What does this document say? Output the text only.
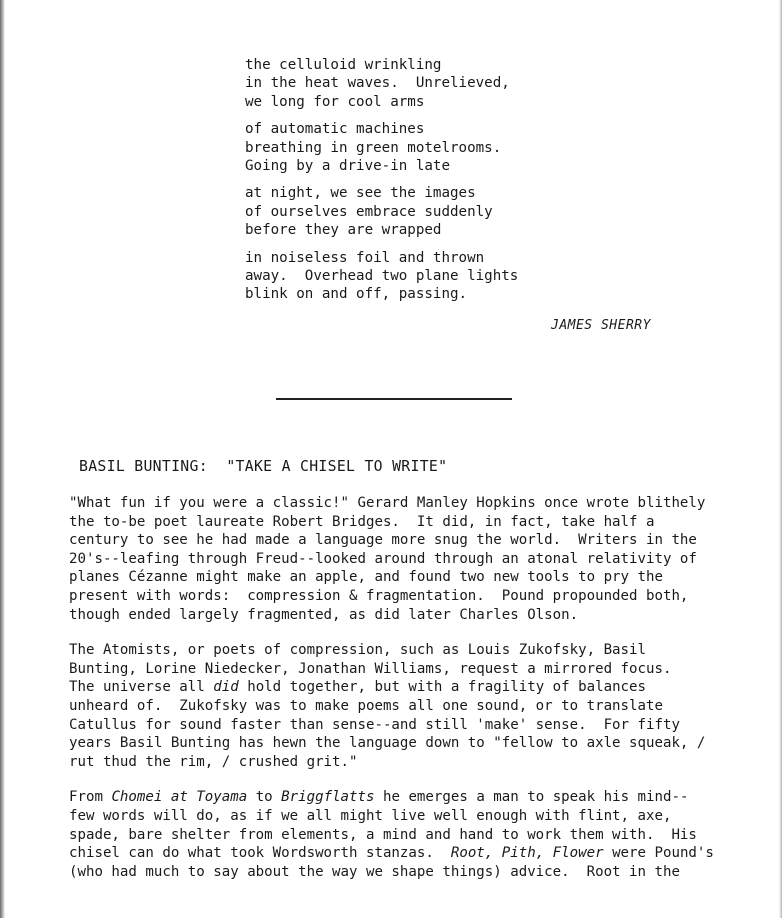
the celluloid wrinkling
in the heat waves.  Unrelieved,
we long for cool arms
of automatic machines
breathing in green motelrooms.
Going by a drive-in late
at night, we see the images
of ourselves embrace suddenly
before they are wrapped
in noiseless foil and thrown
away.  Overhead two plane lights
blink on and off, passing.
JAMES SHERRY
BASIL BUNTING:  "TAKE A CHISEL TO WRITE"
"What fun if you were a classic!" Gerard Manley Hopkins once wrote blithely
the to-be poet laureate Robert Bridges.  It did, in fact, take half a
century to see he had made a language more snug the world.  Writers in the
20's--leafing through Freud--looked around through an atonal relativity of
planes Cézanne might make an apple, and found two new tools to pry the
present with words:  compression & fragmentation.  Pound propounded both,
though ended largely fragmented, as did later Charles Olson.
The Atomists, or poets of compression, such as Louis Zukofsky, Basil
Bunting, Lorine Niedecker, Jonathan Williams, request a mirrored focus.
The universe all did hold together, but with a fragility of balances
unheard of.  Zukofsky was to make poems all one sound, or to translate
Catullus for sound faster than sense--and still 'make' sense.  For fifty
years Basil Bunting has hewn the language down to "fellow to axle squeak, /
rut thud the rim, / crushed grit."
From Chomei at Toyama to Briggflatts he emerges a man to speak his mind--
few words will do, as if we all might live well enough with flint, axe,
spade, bare shelter from elements, a mind and hand to work them with.  His
chisel can do what took Wordsworth stanzas.  Root, Pith, Flower were Pound's
(who had much to say about the way we shape things) advice.  Root in the
